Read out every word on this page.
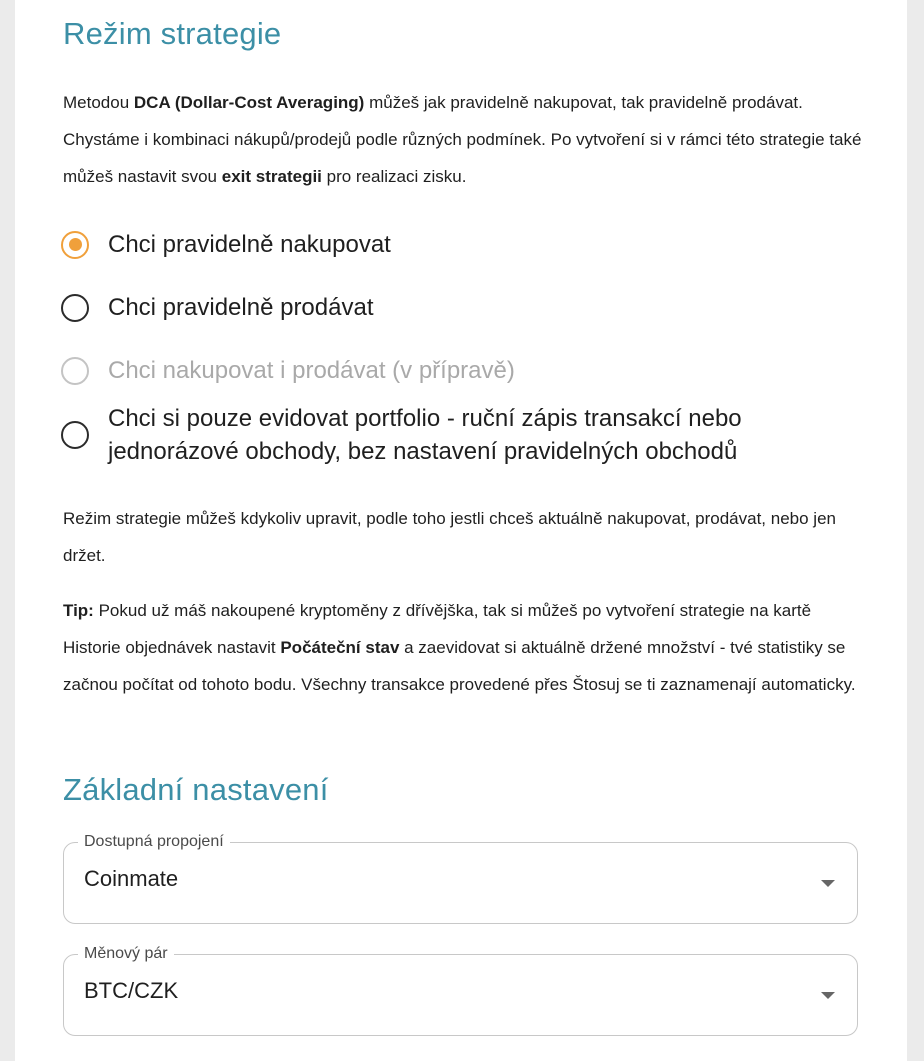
Režim strategie

Metodou DCA (Dollar-Cost Averaging) můžeš jak pravidelně nakupovat, tak pravidelně prodávat. Chystáme i kombinaci nákupů/prodejů podle různých podmínek. Po vytvoření si v rámci této strategie také můžeš nastavit svou exit strategii pro realizaci zisku.

Chci pravidelně nakupovat
Chci pravidelně prodávat
Chci nakupovat i prodávat (v přípravě)
Chci si pouze evidovat portfolio - ruční zápis transakcí nebo jednorázové obchody, bez nastavení pravidelných obchodů

Režim strategie můžeš kdykoliv upravit, podle toho jestli chceš aktuálně nakupovat, prodávat, nebo jen držet.

Tip: Pokud už máš nakoupené kryptoměny z dřívějška, tak si můžeš po vytvoření strategie na kartě Historie objednávek nastavit Počáteční stav a zaevidovat si aktuálně držené množství - tvé statistiky se začnou počítat od tohoto bodu. Všechny transakce provedené přes Štosuj se ti zaznamenají automaticky.

Základní nastavení
Dostupná propojení
Coinmate
Měnový pár
BTC/CZK
